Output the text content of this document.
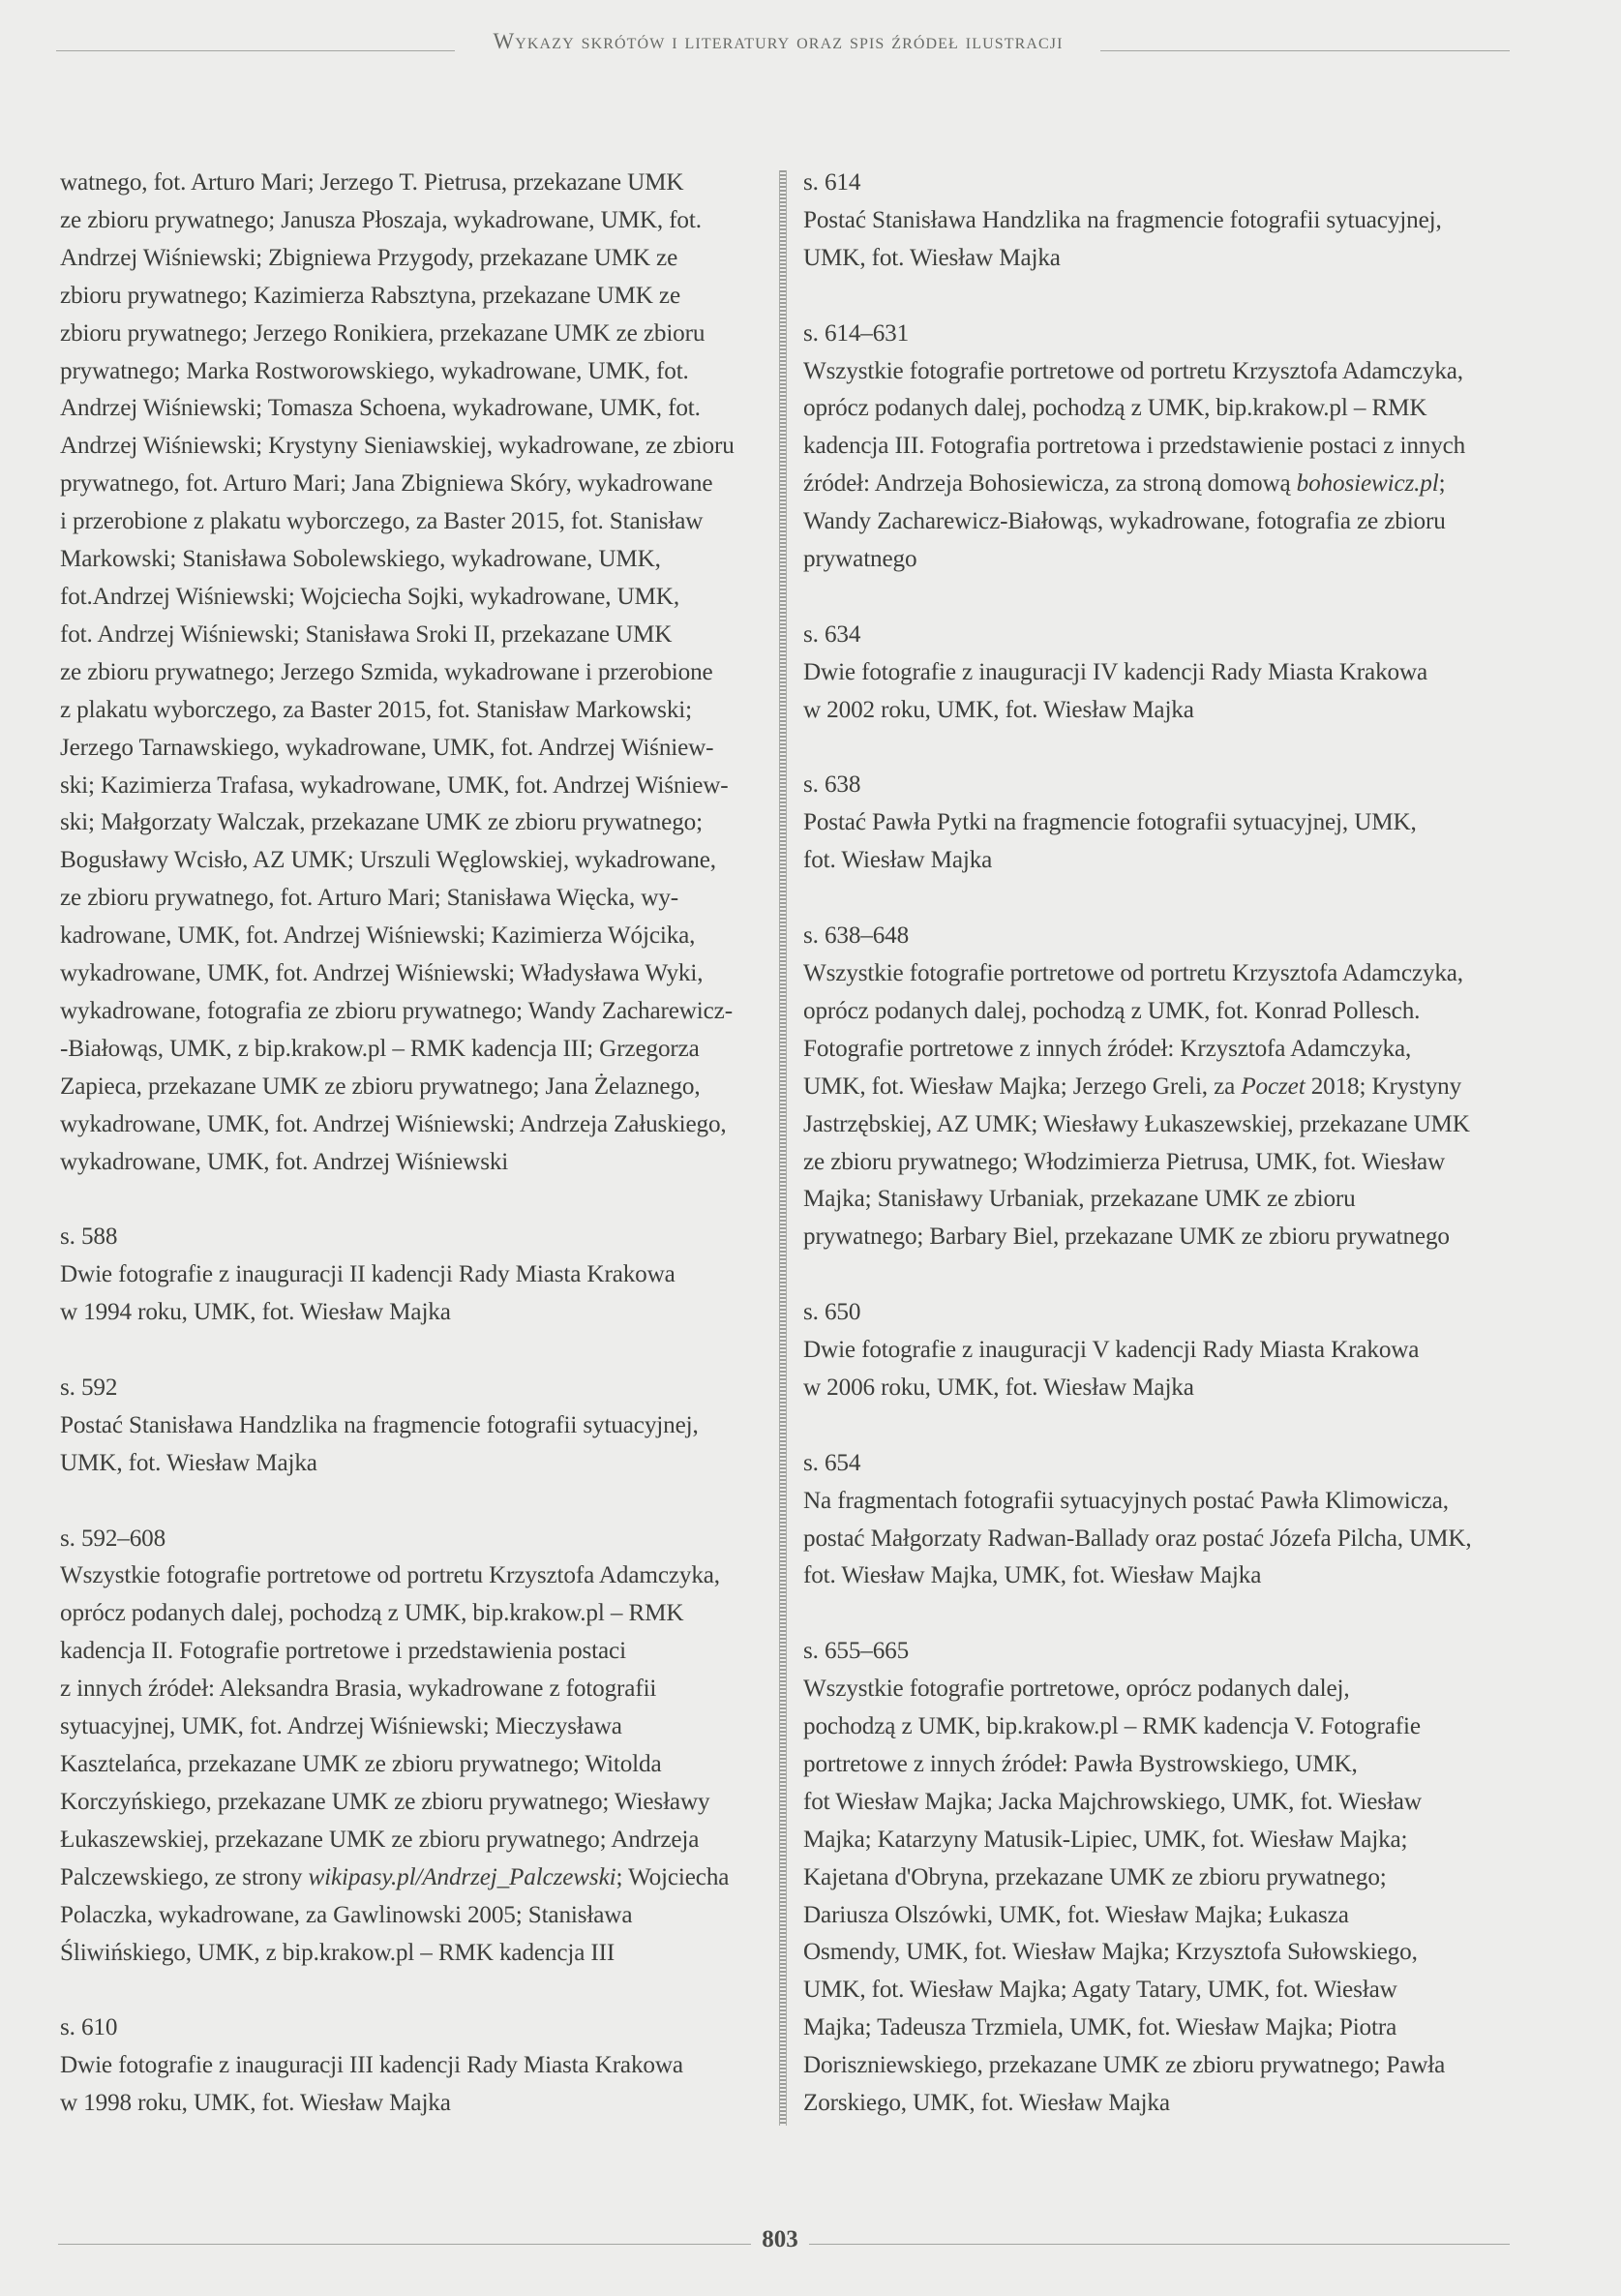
Wykazy skrótów i literatury oraz spis źródeł ilustracji
watnego, fot. Arturo Mari; Jerzego T. Pietrusa, przekazane UMK
ze zbioru prywatnego; Janusza Płoszaja, wykadrowane, UMK, fot.
Andrzej Wiśniewski; Zbigniewa Przygody, przekazane UMK ze
zbioru prywatnego; Kazimierza Rabsztyna, przekazane UMK ze
zbioru prywatnego; Jerzego Ronikiera, przekazane UMK ze zbioru
prywatnego; Marka Rostworowskiego, wykadrowane, UMK, fot.
Andrzej Wiśniewski; Tomasza Schoena, wykadrowane, UMK, fot.
Andrzej Wiśniewski; Krystyny Sieniawskiej, wykadrowane, ze zbioru
prywatnego, fot. Arturo Mari; Jana Zbigniewa Skóry, wykadrowane
i przerobione z plakatu wyborczego, za Baster 2015, fot. Stanisław
Markowski; Stanisława Sobolewskiego, wykadrowane, UMK,
fot.Andrzej Wiśniewski; Wojciecha Sojki, wykadrowane, UMK,
fot. Andrzej Wiśniewski; Stanisława Sroki II, przekazane UMK
ze zbioru prywatnego; Jerzego Szmida, wykadrowane i przerobione
z plakatu wyborczego, za Baster 2015, fot. Stanisław Markowski;
Jerzego Tarnawskiego, wykadrowane, UMK, fot. Andrzej Wiśniew-
ski; Kazimierza Trafasa, wykadrowane, UMK, fot. Andrzej Wiśniew-
ski; Małgorzaty Walczak, przekazane UMK ze zbioru prywatnego;
Bogusławy Wcisło, AZ UMK; Urszuli Węglowskiej, wykadrowane,
ze zbioru prywatnego, fot. Arturo Mari; Stanisława Więcka, wy-
kadrowane, UMK, fot. Andrzej Wiśniewski; Kazimierza Wójcika,
wykadrowane, UMK, fot. Andrzej Wiśniewski; Władysława Wyki,
wykadrowane, fotografia ze zbioru prywatnego; Wandy Zacharewicz-
-Białowąs, UMK, z bip.krakow.pl – RMK kadencja III; Grzegorza
Zapieca, przekazane UMK ze zbioru prywatnego; Jana Żelaznego,
wykadrowane, UMK, fot. Andrzej Wiśniewski; Andrzeja Załuskiego,
wykadrowane, UMK, fot. Andrzej Wiśniewski
s. 588
Dwie fotografie z inauguracji II kadencji Rady Miasta Krakowa
w 1994 roku, UMK, fot. Wiesław Majka
s. 592
Postać Stanisława Handzlika na fragmencie fotografii sytuacyjnej,
UMK, fot. Wiesław Majka
s. 592–608
Wszystkie fotografie portretowe od portretu Krzysztofa Adamczyka,
oprócz podanych dalej, pochodzą z UMK, bip.krakow.pl – RMK
kadencja II. Fotografie portretowe i przedstawienia postaci
z innych źródeł: Aleksandra Brasia, wykadrowane z fotografii
sytuacyjnej, UMK, fot. Andrzej Wiśniewski; Mieczysława
Kasztelańca, przekazane UMK ze zbioru prywatnego; Witolda
Korczyńskiego, przekazane UMK ze zbioru prywatnego; Wiesławy
Łukaszewskiej, przekazane UMK ze zbioru prywatnego; Andrzeja
Palczewskiego, ze strony wikipasy.pl/Andrzej_Palczewski; Wojciecha
Polaczka, wykadrowane, za Gawlinowski 2005; Stanisława
Śliwińskiego, UMK, z bip.krakow.pl – RMK kadencja III
s. 610
Dwie fotografie z inauguracji III kadencji Rady Miasta Krakowa
w 1998 roku, UMK, fot. Wiesław Majka
s. 614
Postać Stanisława Handzlika na fragmencie fotografii sytuacyjnej,
UMK, fot. Wiesław Majka
s. 614–631
Wszystkie fotografie portretowe od portretu Krzysztofa Adamczyka,
oprócz podanych dalej, pochodzą z UMK, bip.krakow.pl – RMK
kadencja III. Fotografia portretowa i przedstawienie postaci z innych
źródeł: Andrzeja Bohosiewicza, za stroną domową bohosiewicz.pl;
Wandy Zacharewicz-Białowąs, wykadrowane, fotografia ze zbioru
prywatnego
s. 634
Dwie fotografie z inauguracji IV kadencji Rady Miasta Krakowa
w 2002 roku, UMK, fot. Wiesław Majka
s. 638
Postać Pawła Pytki na fragmencie fotografii sytuacyjnej, UMK,
fot. Wiesław Majka
s. 638–648
Wszystkie fotografie portretowe od portretu Krzysztofa Adamczyka,
oprócz podanych dalej, pochodzą z UMK, fot. Konrad Pollesch.
Fotografie portretowe z innych źródeł: Krzysztofa Adamczyka,
UMK, fot. Wiesław Majka; Jerzego Greli, za Poczet 2018; Krystyny
Jastrzębskiej, AZ UMK; Wiesławy Łukaszewskiej, przekazane UMK
ze zbioru prywatnego; Włodzimierza Pietrusa, UMK, fot. Wiesław
Majka; Stanisławy Urbaniak, przekazane UMK ze zbioru
prywatnego; Barbary Biel, przekazane UMK ze zbioru prywatnego
s. 650
Dwie fotografie z inauguracji V kadencji Rady Miasta Krakowa
w 2006 roku, UMK, fot. Wiesław Majka
s. 654
Na fragmentach fotografii sytuacyjnych postać Pawła Klimowicza,
postać Małgorzaty Radwan-Ballady oraz postać Józefa Pilcha, UMK,
fot. Wiesław Majka, UMK, fot. Wiesław Majka
s. 655–665
Wszystkie fotografie portretowe, oprócz podanych dalej,
pochodzą z UMK, bip.krakow.pl – RMK kadencja V. Fotografie
portretowe z innych źródeł: Pawła Bystrowskiego, UMK,
fot Wiesław Majka; Jacka Majchrowskiego, UMK, fot. Wiesław
Majka; Katarzyny Matusik-Lipiec, UMK, fot. Wiesław Majka;
Kajetana d'Obryna, przekazane UMK ze zbioru prywatnego;
Dariusza Olszówki, UMK, fot. Wiesław Majka; Łukasza
Osmendy, UMK, fot. Wiesław Majka; Krzysztofa Sułowskiego,
UMK, fot. Wiesław Majka; Agaty Tatary, UMK, fot. Wiesław
Majka; Tadeusza Trzmiela, UMK, fot. Wiesław Majka; Piotra
Doriszniewskiego, przekazane UMK ze zbioru prywatnego; Pawła
Zorskiego, UMK, fot. Wiesław Majka
803
